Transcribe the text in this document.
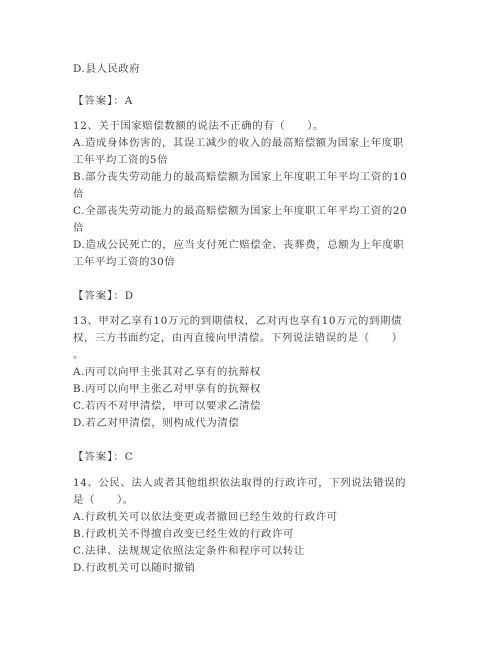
D.县人民政府
【答案】：A
12、关于国家赔偿数额的说法不正确的有（　　）。
A.造成身体伤害的，其误工减少的收入的最高赔偿额为国家上年度职
工年平均工资的5倍
B.部分丧失劳动能力的最高赔偿额为国家上年度职工年平均工资的10
倍
C.全部丧失劳动能力的最高赔偿额为国家上年度职工年平均工资的20
倍
D.造成公民死亡的，应当支付死亡赔偿金、丧葬费，总额为上年度职
工年平均工资的30倍
【答案】：D
13、甲对乙享有10万元的到期债权，乙对丙也享有10万元的到期债
权，三方书面约定，由丙直接向甲清偿。下列说法错误的是（　　）
。
A.丙可以向甲主张其对乙享有的抗辩权
B.丙可以向甲主张乙对甲享有的抗辩权
C.若丙不对甲清偿，甲可以要求乙清偿
D.若乙对甲清偿，则构成代为清偿
【答案】：C
14、公民、法人或者其他组织依法取得的行政许可，下列说法错误的
是（　　）。
A.行政机关可以依法变更或者撤回已经生效的行政许可
B.行政机关不得擅自改变已经生效的行政许可
C.法律、法规规定依照法定条件和程序可以转让
D.行政机关可以随时撤销
